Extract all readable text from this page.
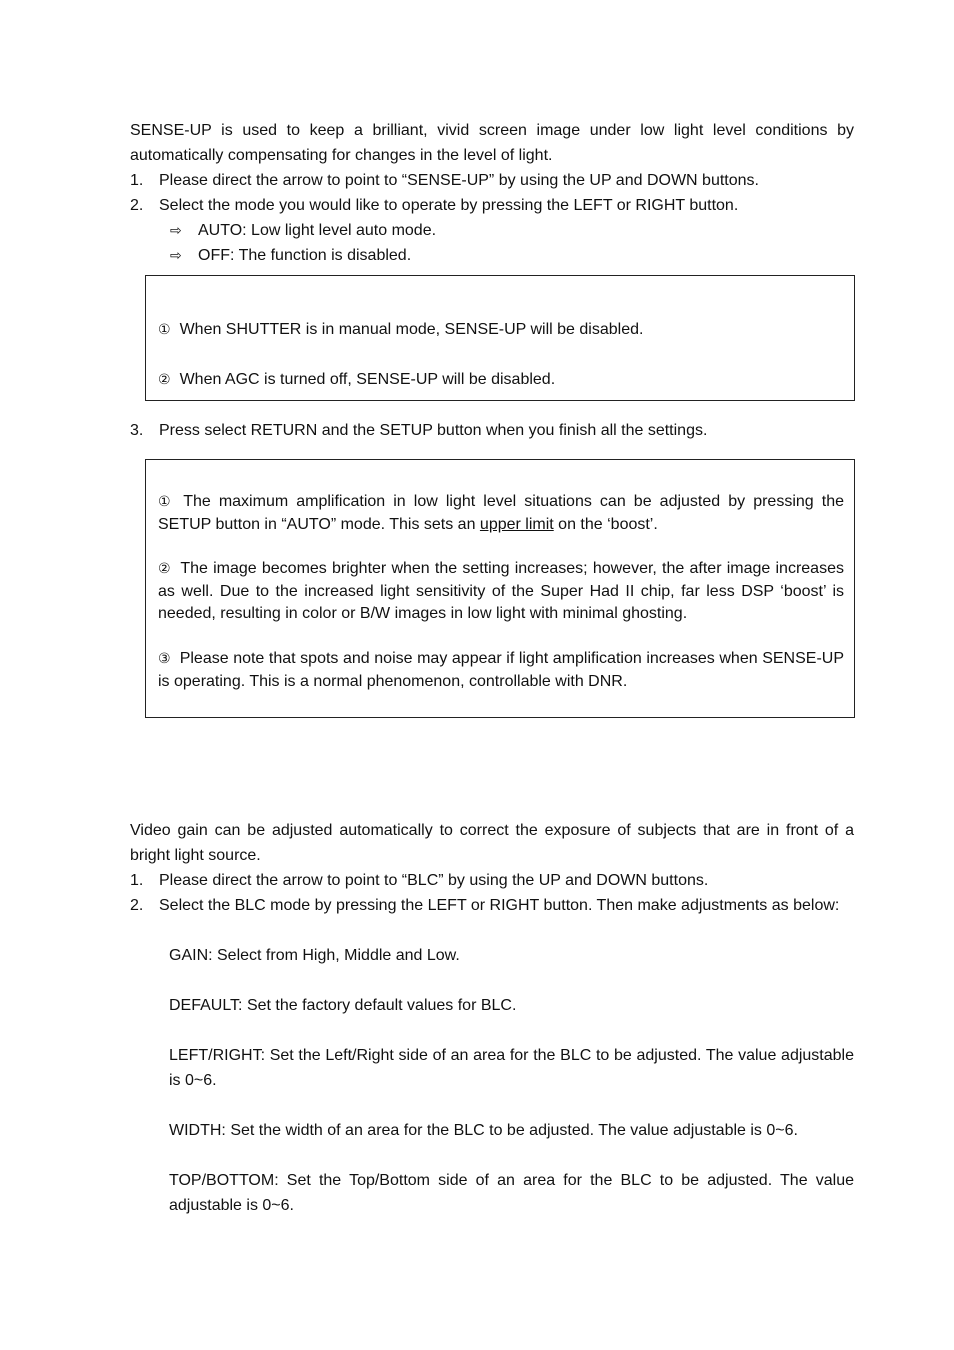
SENSE-UP is used to keep a brilliant, vivid screen image under low light level conditions by automatically compensating for changes in the level of light.

1. Please direct the arrow to point to “SENSE-UP” by using the UP and DOWN buttons.
2. Select the mode you would like to operate by pressing the LEFT or RIGHT button.
⇨ AUTO: Low light level auto mode.
⇨ OFF: The function is disabled.

① When SHUTTER is in manual mode, SENSE-UP will be disabled.

② When AGC is turned off, SENSE-UP will be disabled.

3. Press select RETURN and the SETUP button when you finish all the settings.

① The maximum amplification in low light level situations can be adjusted by pressing the SETUP button in “AUTO” mode. This sets an upper limit on the ‘boost’.

② The image becomes brighter when the setting increases; however, the after image increases as well. Due to the increased light sensitivity of the Super Had II chip, far less DSP ‘boost’ is needed, resulting in color or B/W images in low light with minimal ghosting.

③ Please note that spots and noise may appear if light amplification increases when SENSE-UP is operating. This is a normal phenomenon, controllable with DNR.

Video gain can be adjusted automatically to correct the exposure of subjects that are in front of a bright light source.

1. Please direct the arrow to point to “BLC” by using the UP and DOWN buttons.
2. Select the BLC mode by pressing the LEFT or RIGHT button. Then make adjustments as below:

GAIN: Select from High, Middle and Low.

DEFAULT: Set the factory default values for BLC.

LEFT/RIGHT: Set the Left/Right side of an area for the BLC to be adjusted. The value adjustable is 0~6.

WIDTH: Set the width of an area for the BLC to be adjusted. The value adjustable is 0~6.

TOP/BOTTOM: Set the Top/Bottom side of an area for the BLC to be adjusted. The value adjustable is 0~6.
